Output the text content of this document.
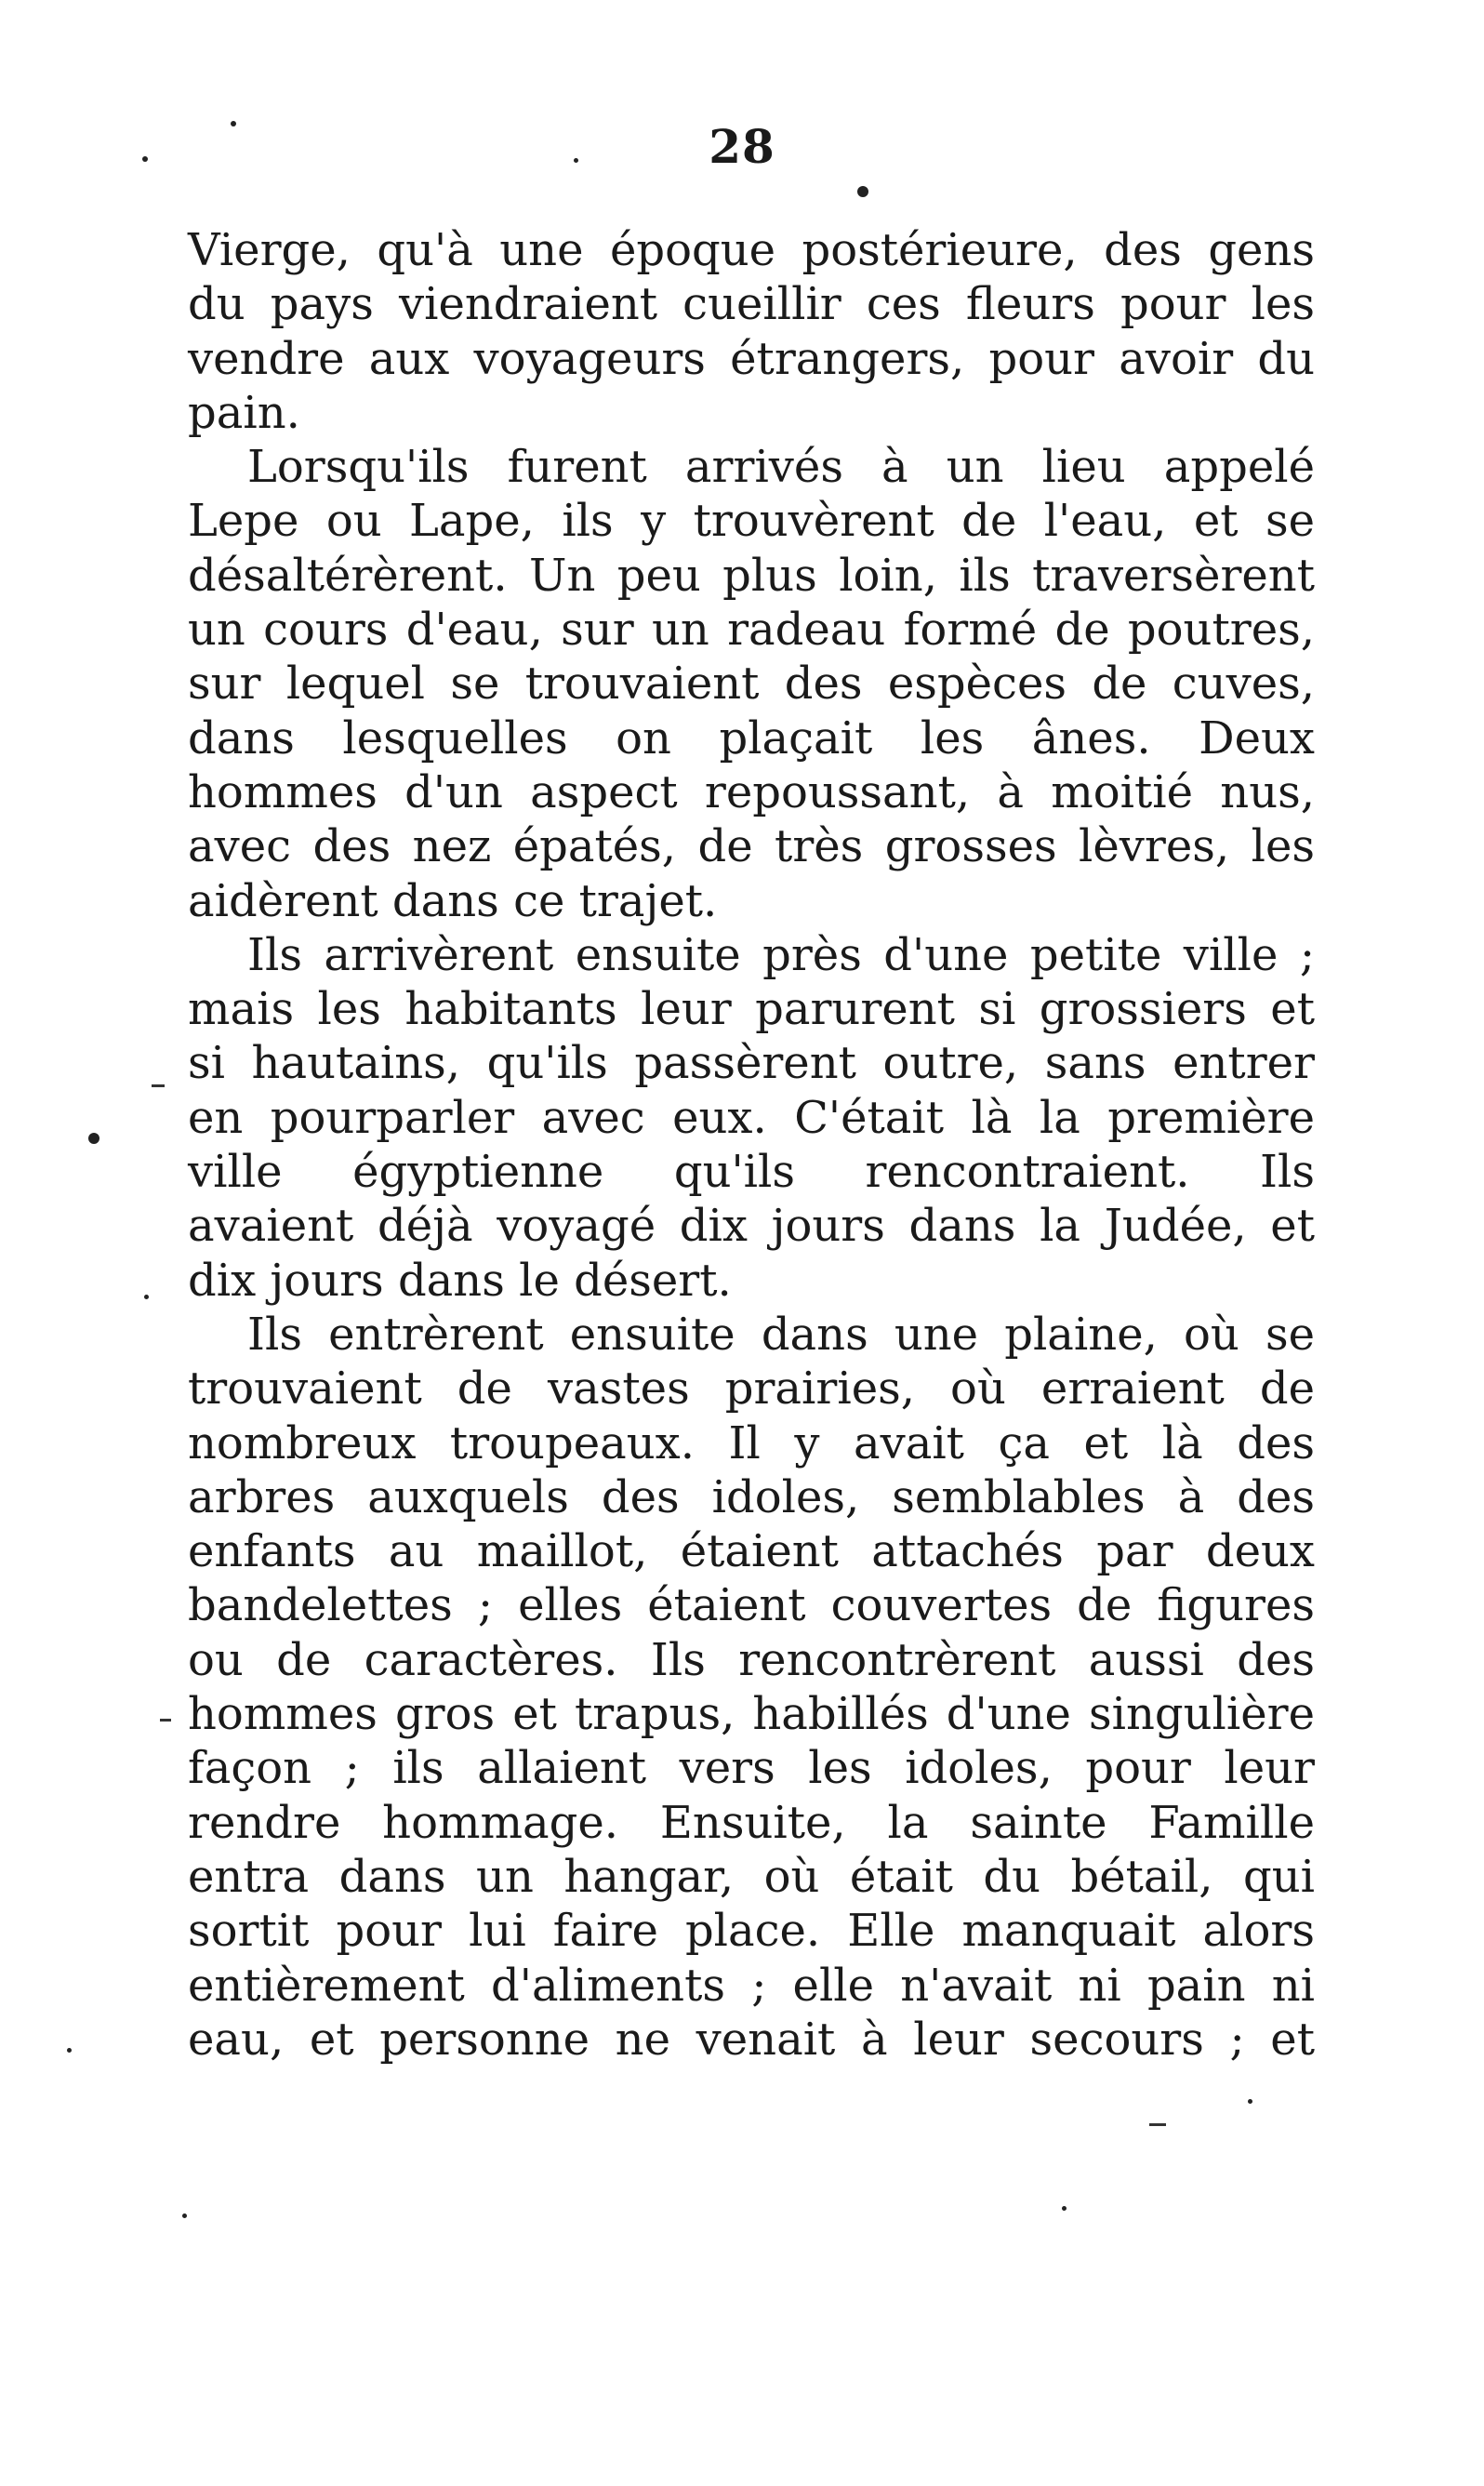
28
Vierge, qu'à une époque postérieure, des gens
du pays viendraient cueillir ces fleurs pour les
vendre aux voyageurs étrangers, pour avoir du
pain.
Lorsqu'ils furent arrivés à un lieu appelé
Lepe ou Lape, ils y trouvèrent de l'eau, et se
désaltérèrent. Un peu plus loin, ils traversèrent
un cours d'eau, sur un radeau formé de poutres,
sur lequel se trouvaient des espèces de cuves,
dans lesquelles on plaçait les ânes. Deux
hommes d'un aspect repoussant, à moitié nus,
avec des nez épatés, de très grosses lèvres, les
aidèrent dans ce trajet.
Ils arrivèrent ensuite près d'une petite ville ;
mais les habitants leur parurent si grossiers et
si hautains, qu'ils passèrent outre, sans entrer
en pourparler avec eux. C'était là la première
ville égyptienne qu'ils rencontraient. Ils
avaient déjà voyagé dix jours dans la Judée, et
dix jours dans le désert.
Ils entrèrent ensuite dans une plaine, où se
trouvaient de vastes prairies, où erraient de
nombreux troupeaux. Il y avait ça et là des
arbres auxquels des idoles, semblables à des
enfants au maillot, étaient attachés par deux
bandelettes ; elles étaient couvertes de figures
ou de caractères. Ils rencontrèrent aussi des
hommes gros et trapus, habillés d'une singulière
façon ; ils allaient vers les idoles, pour leur
rendre hommage. Ensuite, la sainte Famille
entra dans un hangar, où était du bétail, qui
sortit pour lui faire place. Elle manquait alors
entièrement d'aliments ; elle n'avait ni pain ni
eau, et personne ne venait à leur secours ; et
